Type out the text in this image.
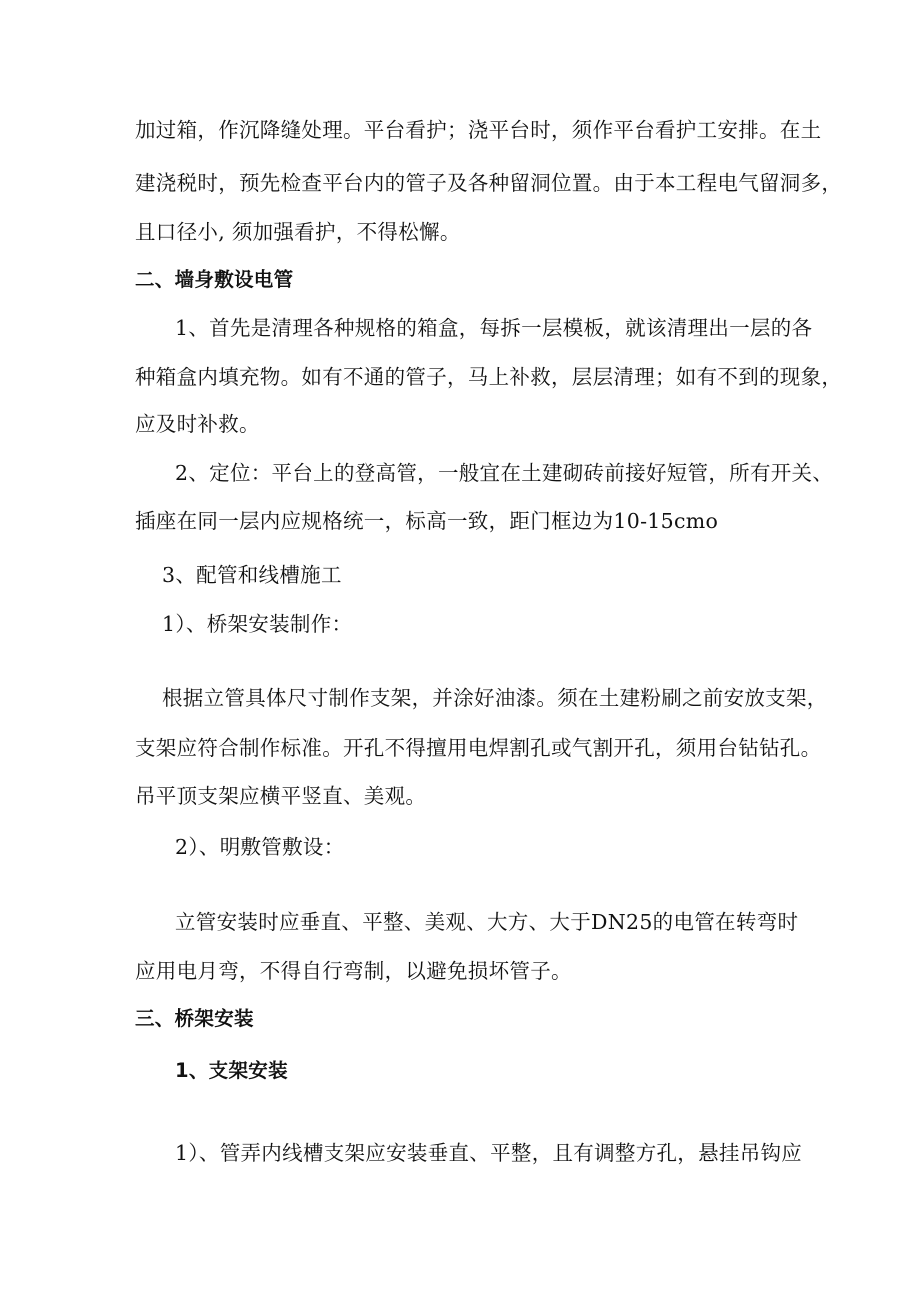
加过箱，作沉降缝处理。平台看护；浇平台时，须作平台看护工安排。在土
建浇税时，预先检查平台内的管子及各种留洞位置。由于本工程电气留洞多，
且口径小, 须加强看护，不得松懈。
二、墙身敷设电管
1、首先是清理各种规格的箱盒，每拆一层模板，就该清理出一层的各
种箱盒内填充物。如有不通的管子，马上补救，层层清理；如有不到的现象，
应及时补救。
2、定位：平台上的登高管，一般宜在土建砌砖前接好短管，所有开关、
插座在同一层内应规格统一，标高一致，距门框边为10-15cmo
3、配管和线槽施工
1）、桥架安装制作：
根据立管具体尺寸制作支架，并涂好油漆。须在土建粉刷之前安放支架，
支架应符合制作标准。开孔不得擅用电焊割孔或气割开孔，须用台钻钻孔。
吊平顶支架应横平竖直、美观。
2）、明敷管敷设：
立管安装时应垂直、平整、美观、大方、大于DN25的电管在转弯时
应用电月弯，不得自行弯制，以避免损坏管子。
三、桥架安装
1、支架安装
1）、管弄内线槽支架应安装垂直、平整，且有调整方孔，悬挂吊钩应
